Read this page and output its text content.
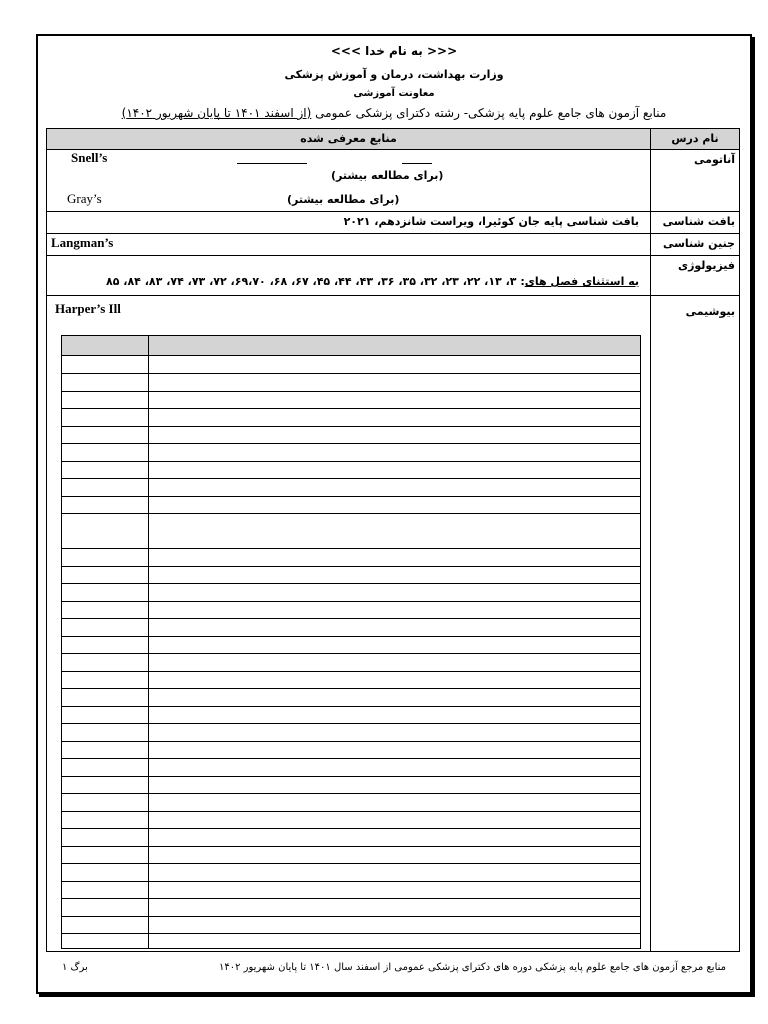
<<< به نام خدا >>>
وزارت بهداشت، درمان و آموزش پزشکی
معاونت آموزشی
منابع آزمون های جامع علوم پایه پزشکی- رشته دکترای پزشکی عمومی (از اسفند ۱۴۰۱ تا پایان شهریور ۱۴۰۲)
نام درس
منابع معرفی شده
آناتومی
Snell’s
(برای مطالعه بیشتر)
Gray’s	(برای مطالعه بیشتر)
بافت شناسی
بافت شناسی پایه جان کوئیرا، ویراست شانزدهم، ۲۰۲۱
جنین شناسی
Langman’s
فیزیولوژی
به استثنای فصل های: ۳، ۱۳، ۲۲، ۲۳، ۳۲، ۳۵، ۳۶، ۴۳، ۴۴، ۴۵، ۶۷، ۶۸، ۶۹،۷۰، ۷۲، ۷۳، ۷۴، ۸۳، ۸۴، ۸۵
بیوشیمی
Harper’s Ill
منابع مرجع آزمون های جامع علوم پایه پزشکی دوره های دکترای پزشکی عمومی از اسفند سال ۱۴۰۱ تا پایان شهریور ۱۴۰۲
برگ ۱
